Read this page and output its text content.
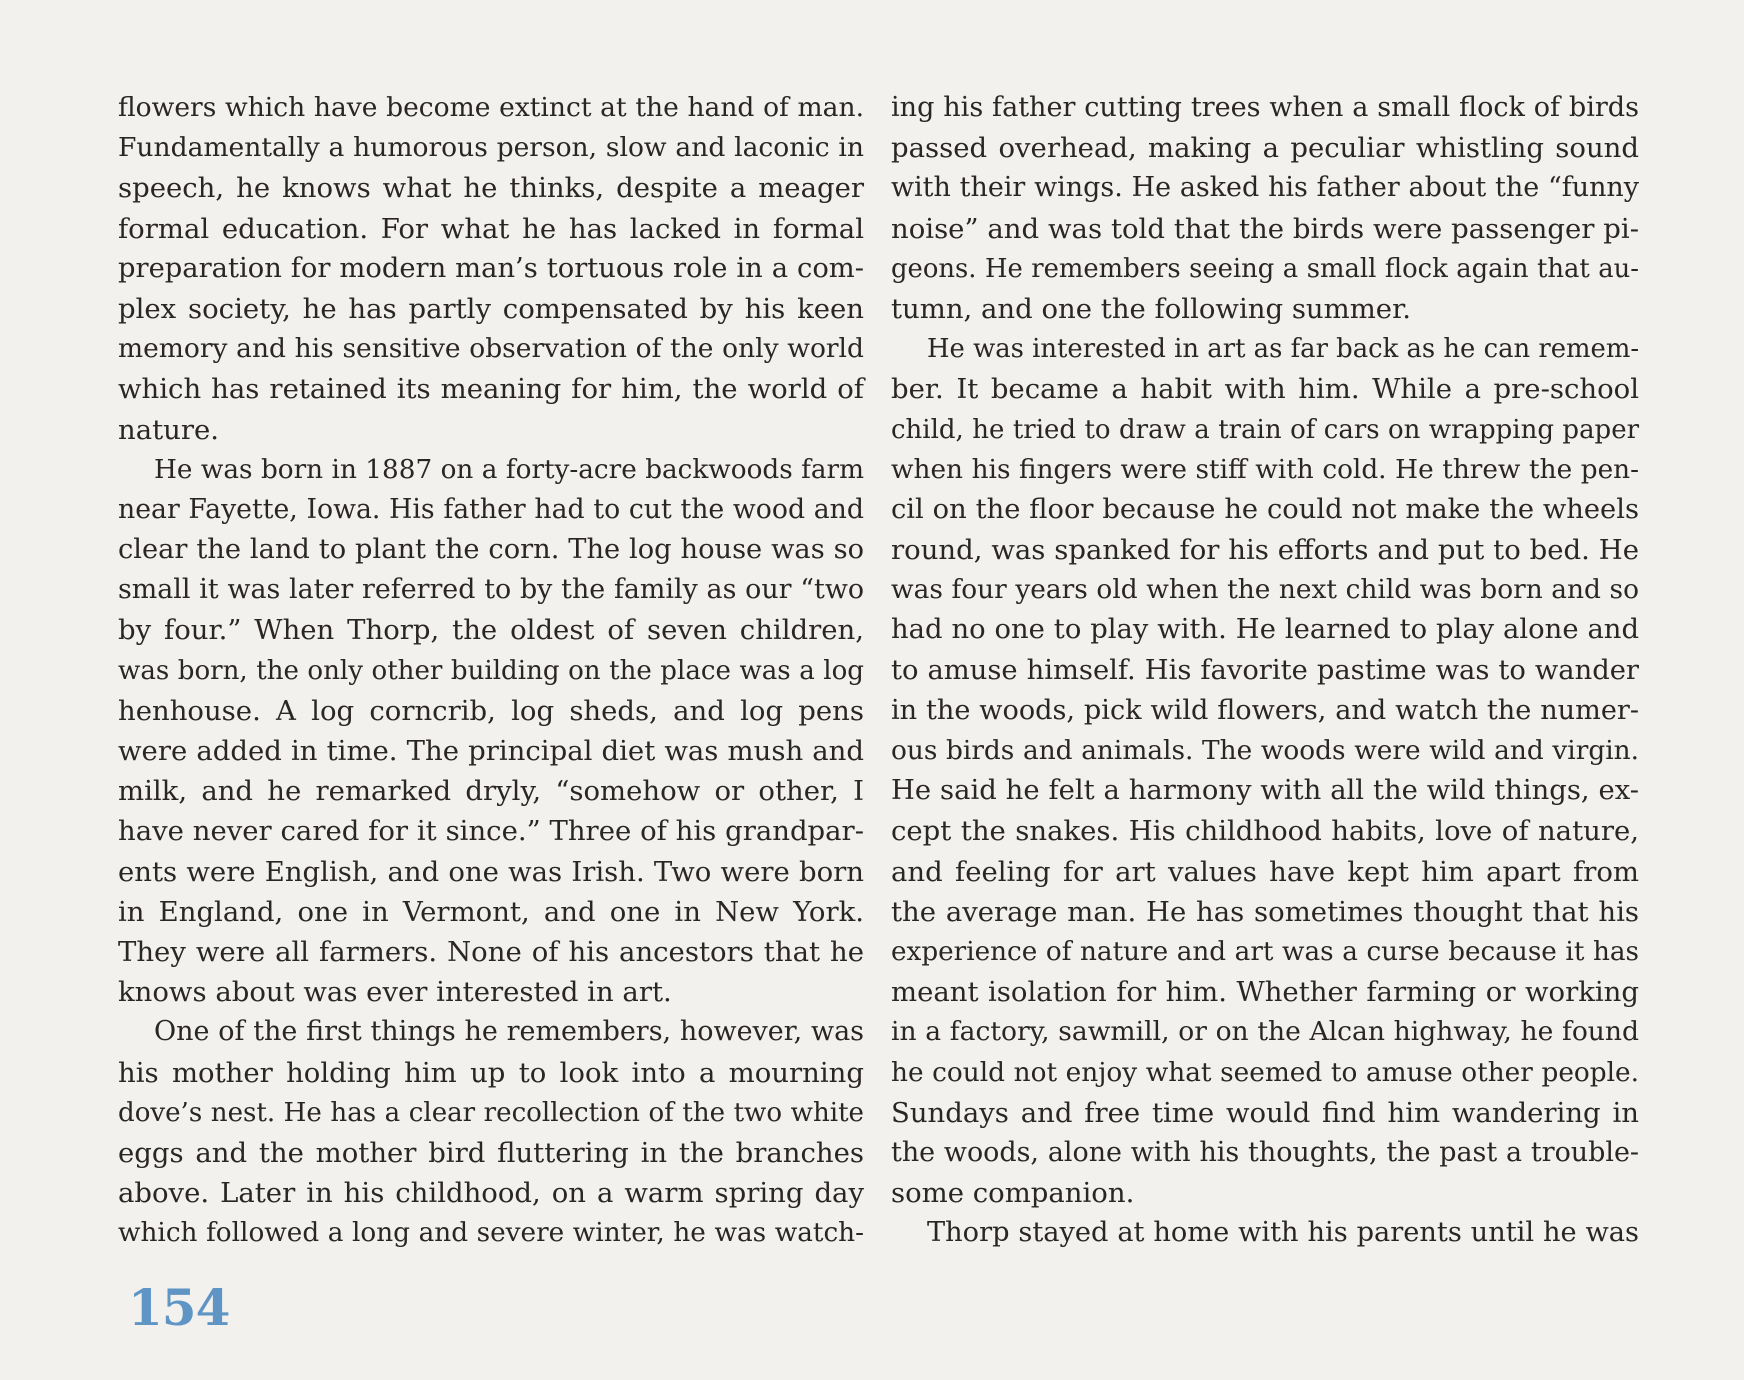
flowers which have become extinct at the hand of man.
Fundamentally a humorous person, slow and laconic in
speech, he knows what he thinks, despite a meager
formal education. For what he has lacked in formal
preparation for modern man’s tortuous role in a com-
plex society, he has partly compensated by his keen
memory and his sensitive observation of the only world
which has retained its meaning for him, the world of
nature.
He was born in 1887 on a forty-acre backwoods farm
near Fayette, Iowa. His father had to cut the wood and
clear the land to plant the corn. The log house was so
small it was later referred to by the family as our “two
by four.” When Thorp, the oldest of seven children,
was born, the only other building on the place was a log
henhouse. A log corncrib, log sheds, and log pens
were added in time. The principal diet was mush and
milk, and he remarked dryly, “somehow or other, I
have never cared for it since.” Three of his grandpar-
ents were English, and one was Irish. Two were born
in England, one in Vermont, and one in New York.
They were all farmers. None of his ancestors that he
knows about was ever interested in art.
One of the first things he remembers, however, was
his mother holding him up to look into a mourning
dove’s nest. He has a clear recollection of the two white
eggs and the mother bird fluttering in the branches
above. Later in his childhood, on a warm spring day
which followed a long and severe winter, he was watch-
ing his father cutting trees when a small flock of birds
passed overhead, making a peculiar whistling sound
with their wings. He asked his father about the “funny
noise” and was told that the birds were passenger pi-
geons. He remembers seeing a small flock again that au-
tumn, and one the following summer.
He was interested in art as far back as he can remem-
ber. It became a habit with him. While a pre-school
child, he tried to draw a train of cars on wrapping paper
when his fingers were stiff with cold. He threw the pen-
cil on the floor because he could not make the wheels
round, was spanked for his efforts and put to bed. He
was four years old when the next child was born and so
had no one to play with. He learned to play alone and
to amuse himself. His favorite pastime was to wander
in the woods, pick wild flowers, and watch the numer-
ous birds and animals. The woods were wild and virgin.
He said he felt a harmony with all the wild things, ex-
cept the snakes. His childhood habits, love of nature,
and feeling for art values have kept him apart from
the average man. He has sometimes thought that his
experience of nature and art was a curse because it has
meant isolation for him. Whether farming or working
in a factory, sawmill, or on the Alcan highway, he found
he could not enjoy what seemed to amuse other people.
Sundays and free time would find him wandering in
the woods, alone with his thoughts, the past a trouble-
some companion.
Thorp stayed at home with his parents until he was
154
